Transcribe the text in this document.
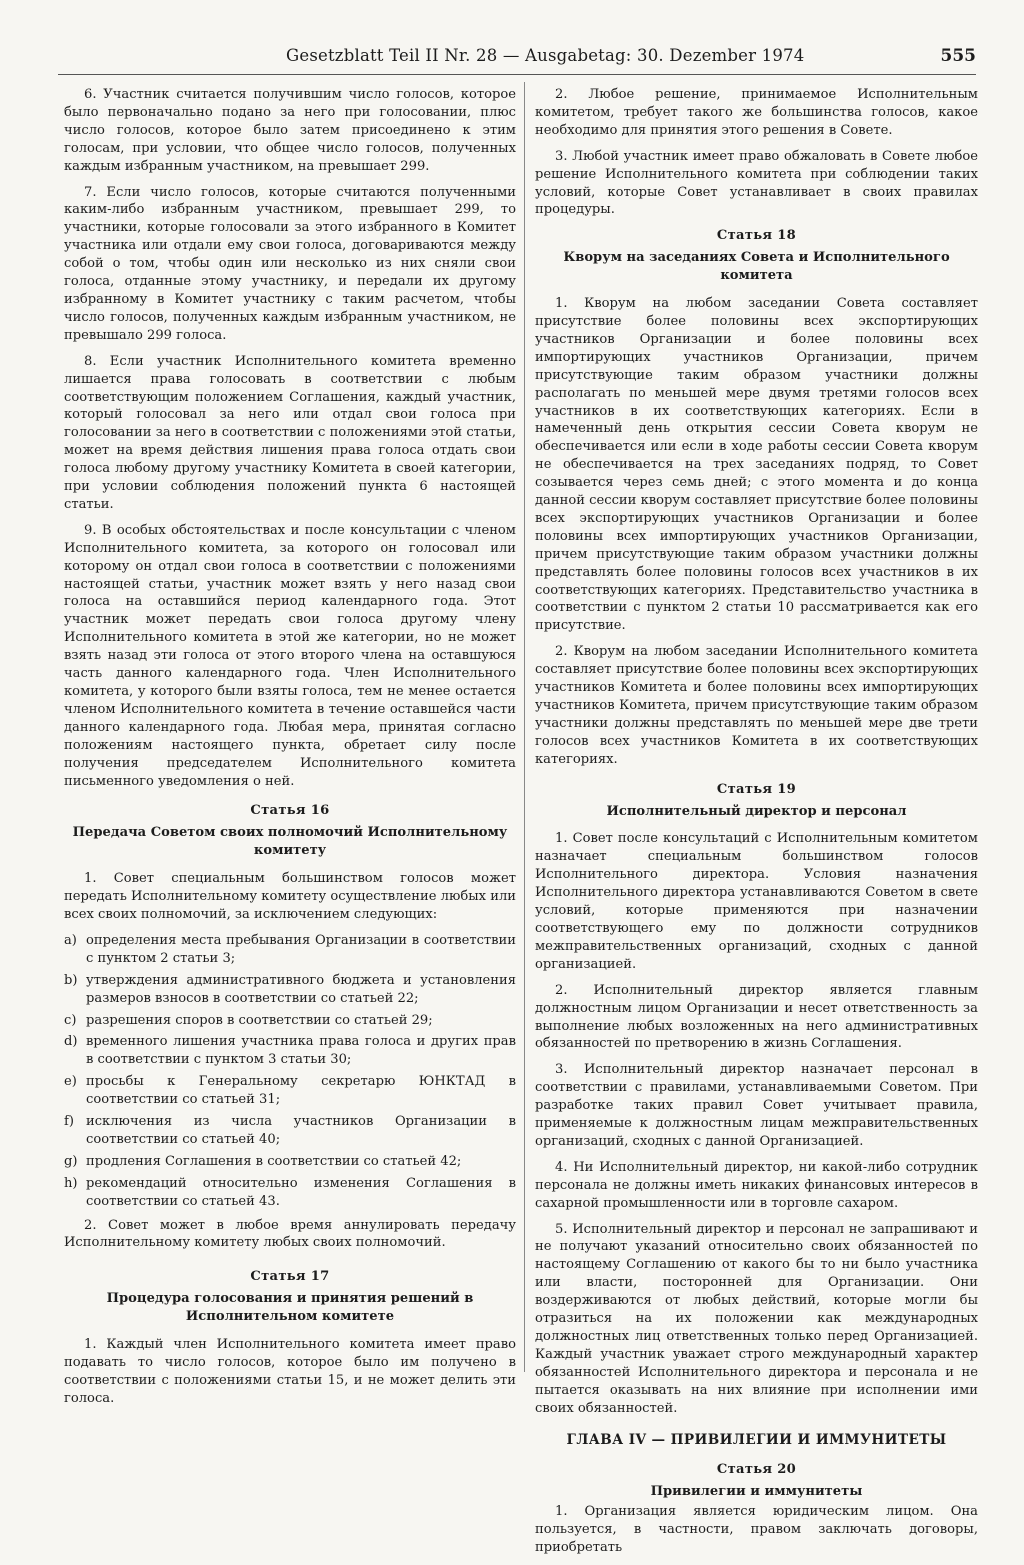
Gesetzblatt Teil II Nr. 28 — Ausgabetag: 30. Dezember 1974	555

6. Участник считается получившим число голосов, которое было первоначально подано за него при голосовании, плюс число голосов, которое было затем присоединено к этим голосам, при условии, что общее число голосов, полученных каждым избранным участником, на превышает 299.

7. Если число голосов, которые считаются полученными каким-либо избранным участником, превышает 299, то участники, которые голосовали за этого избранного в Комитет участника или отдали ему свои голоса, договариваются между собой о том, чтобы один или несколько из них сняли свои голоса, отданные этому участнику, и передали их другому избранному в Комитет участнику с таким расчетом, чтобы число голосов, полученных каждым избранным участником, не превышало 299 голоса.

8. Если участник Исполнительного комитета временно лишается права голосовать в соответствии с любым соответствующим положением Соглашения, каждый участник, который голосовал за него или отдал свои голоса при голосовании за него в соответствии с положениями этой статьи, может на время действия лишения права голоса отдать свои голоса любому другому участнику Комитета в своей категории, при условии соблюдения положений пункта 6 настоящей статьи.

9. В особых обстоятельствах и после консультации с членом Исполнительного комитета, за которого он голосовал или которому он отдал свои голоса в соответствии с положениями настоящей статьи, участник может взять у него назад свои голоса на оставшийся период календарного года. Этот участник может передать свои голоса другому члену Исполнительного комитета в этой же категории, но не может взять назад эти голоса от этого второго члена на оставшуюся часть данного календарного года. Член Исполнительного комитета, у которого были взяты голоса, тем не менее остается членом Исполнительного комитета в течение оставшейся части данного календарного года. Любая мера, принятая согласно положениям настоящего пункта, обретает силу после получения председателем Исполнительного комитета письменного уведомления о ней.

Статья 16
Передача Советом своих полномочий Исполнительному комитету

1. Совет специальным большинством голосов может передать Исполнительному комитету осуществление любых или всех своих полномочий, за исключением следующих:

a) определения места пребывания Организации в соответствии с пунктом 2 статьи 3;

b) утверждения административного бюджета и установления размеров взносов в соответствии со статьей 22;

c) разрешения споров в соответствии со статьей 29;

d) временного лишения участника права голоса и других прав в соответствии с пунктом 3 статьи 30;

e) просьбы к Генеральному секретарю ЮНКТАД в соответствии со статьей 31;

f) исключения из числа участников Организации в соответствии со статьей 40;

g) продления Соглашения в соответствии со статьей 42;

h) рекомендаций относительно изменения Соглашения в соответствии со статьей 43.

2. Совет может в любое время аннулировать передачу Исполнительному комитету любых своих полномочий.

Статья 17
Процедура голосования и принятия решений в Исполнительном комитете

1. Каждый член Исполнительного комитета имеет право подавать то число голосов, которое было им получено в соответствии с положениями статьи 15, и не может делить эти голоса.

2. Любое решение, принимаемое Исполнительным комитетом, требует такого же большинства голосов, какое необходимо для принятия этого решения в Совете.

3. Любой участник имеет право обжаловать в Совете любое решение Исполнительного комитета при соблюдении таких условий, которые Совет устанавливает в своих правилах процедуры.

Статья 18
Кворум на заседаниях Совета и Исполнительного комитета

1. Кворум на любом заседании Совета составляет присутствие более половины всех экспортирующих участников Организации и более половины всех импортирующих участников Организации, причем присутствующие таким образом участники должны располагать по меньшей мере двумя третями голосов всех участников в их соответствующих категориях. Если в намеченный день открытия сессии Совета кворум не обеспечивается или если в ходе работы сессии Совета кворум не обеспечивается на трех заседаниях подряд, то Совет созывается через семь дней; с этого момента и до конца данной сессии кворум составляет присутствие более половины всех экспортирующих участников Организации и более половины всех импортирующих участников Организации, причем присутствующие таким образом участники должны представлять более половины голосов всех участников в их соответствующих категориях. Представительство участника в соответствии с пунктом 2 статьи 10 рассматривается как его присутствие.

2. Кворум на любом заседании Исполнительного комитета составляет присутствие более половины всех экспортирующих участников Комитета и более половины всех импортирующих участников Комитета, причем присутствующие таким образом участники должны представлять по меньшей мере две трети голосов всех участников Комитета в их соответствующих категориях.

Статья 19
Исполнительный директор и персонал

1. Совет после консультаций с Исполнительным комитетом назначает специальным большинством голосов Исполнительного директора. Условия назначения Исполнительного директора устанавливаются Советом в свете условий, которые применяются при назначении соответствующего ему по должности сотрудников межправительственных организаций, сходных с данной организацией.

2. Исполнительный директор является главным должностным лицом Организации и несет ответственность за выполнение любых возложенных на него административных обязанностей по претворению в жизнь Соглашения.

3. Исполнительный директор назначает персонал в соответствии с правилами, устанавливаемыми Советом. При разработке таких правил Совет учитывает правила, применяемые к должностным лицам межправительственных организаций, сходных с данной Организацией.

4. Ни Исполнительный директор, ни какой-либо сотрудник персонала не должны иметь никаких финансовых интересов в сахарной промышленности или в торговле сахаром.

5. Исполнительный директор и персонал не запрашивают и не получают указаний относительно своих обязанностей по настоящему Соглашению от какого бы то ни было участника или власти, посторонней для Организации. Они воздерживаются от любых действий, которые могли бы отразиться на их положении как международных должностных лиц ответственных только перед Организацией. Каждый участник уважает строго международный характер обязанностей Исполнительного директора и персонала и не пытается оказывать на них влияние при исполнении ими своих обязанностей.

ГЛАВА IV — ПРИВИЛЕГИИ И ИММУНИТЕТЫ
Статья 20
Привилегии и иммунитеты

1. Организация является юридическим лицом. Она пользуется, в частности, правом заключать договоры, приобретать
